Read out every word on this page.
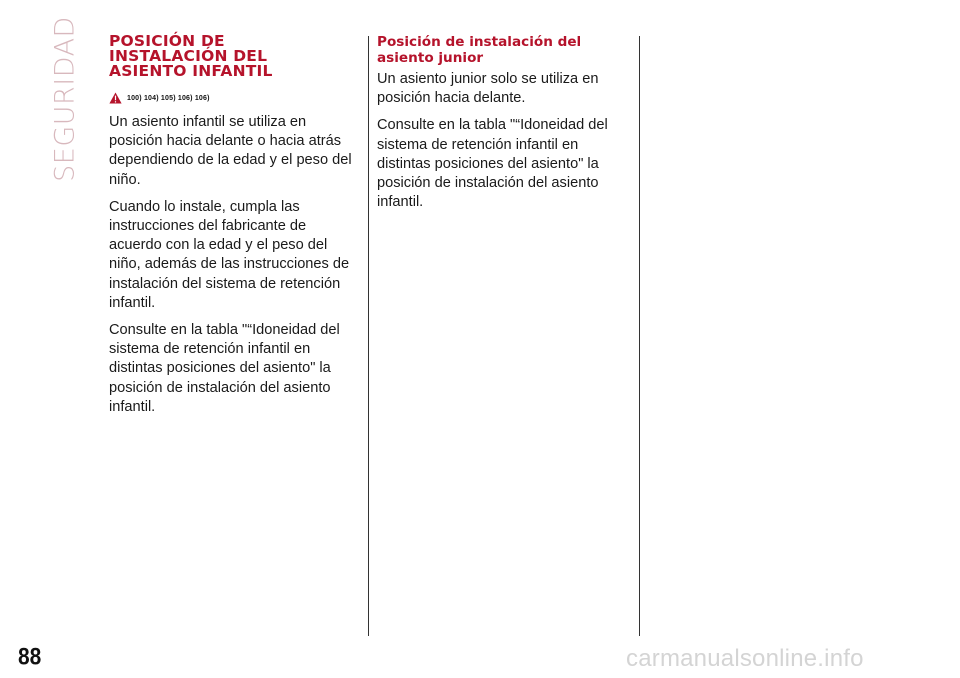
SEGURIDAD POSICIÓN DE
INSTALACIÓN DEL
ASIENTO INFANTIL
100) 104) 105) 106) 106)

Un asiento infantil se utiliza en posición hacia delante o hacia atrás dependiendo de la edad y el peso del niño.

Cuando lo instale, cumpla las instrucciones del fabricante de acuerdo con la edad y el peso del niño, además de las instrucciones de instalación del sistema de retención infantil.

Consulte en la tabla "“Idoneidad del sistema de retención infantil en distintas posiciones del asiento" la posición de instalación del asiento infantil.

Posición de instalación del asiento junior

Un asiento junior solo se utiliza en posición hacia delante.

Consulte en la tabla "“Idoneidad del sistema de retención infantil en distintas posiciones del asiento" la posición de instalación del asiento infantil.

88	carmanualsonline.info
